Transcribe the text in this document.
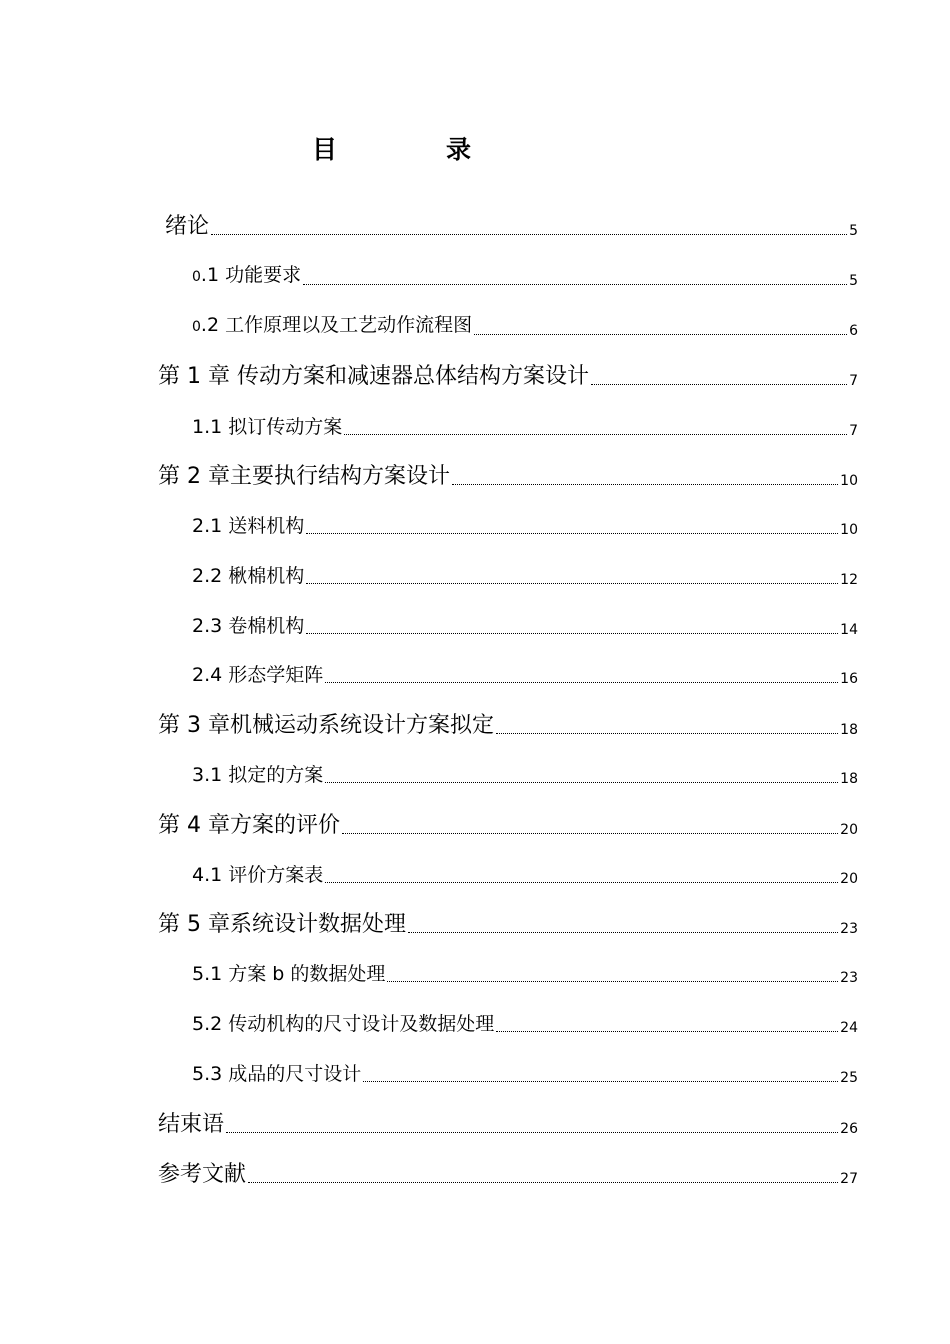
目	录
绪论	5
0.1 功能要求	5
0.2 工作原理以及工艺动作流程图	6
第 1 章 传动方案和减速器总体结构方案设计	7
1.1 拟订传动方案	7
第 2 章主要执行结构方案设计	10
2.1 送料机构	10
2.2 楸棉机构	12
2.3 卷棉机构	14
2.4 形态学矩阵	16
第 3 章机械运动系统设计方案拟定	18
3.1 拟定的方案	18
第 4 章方案的评价	20
4.1 评价方案表	20
第 5 章系统设计数据处理	23
5.1 方案 b 的数据处理	23
5.2 传动机构的尺寸设计及数据处理	24
5.3 成品的尺寸设计	25
结束语	26
参考文献	27
